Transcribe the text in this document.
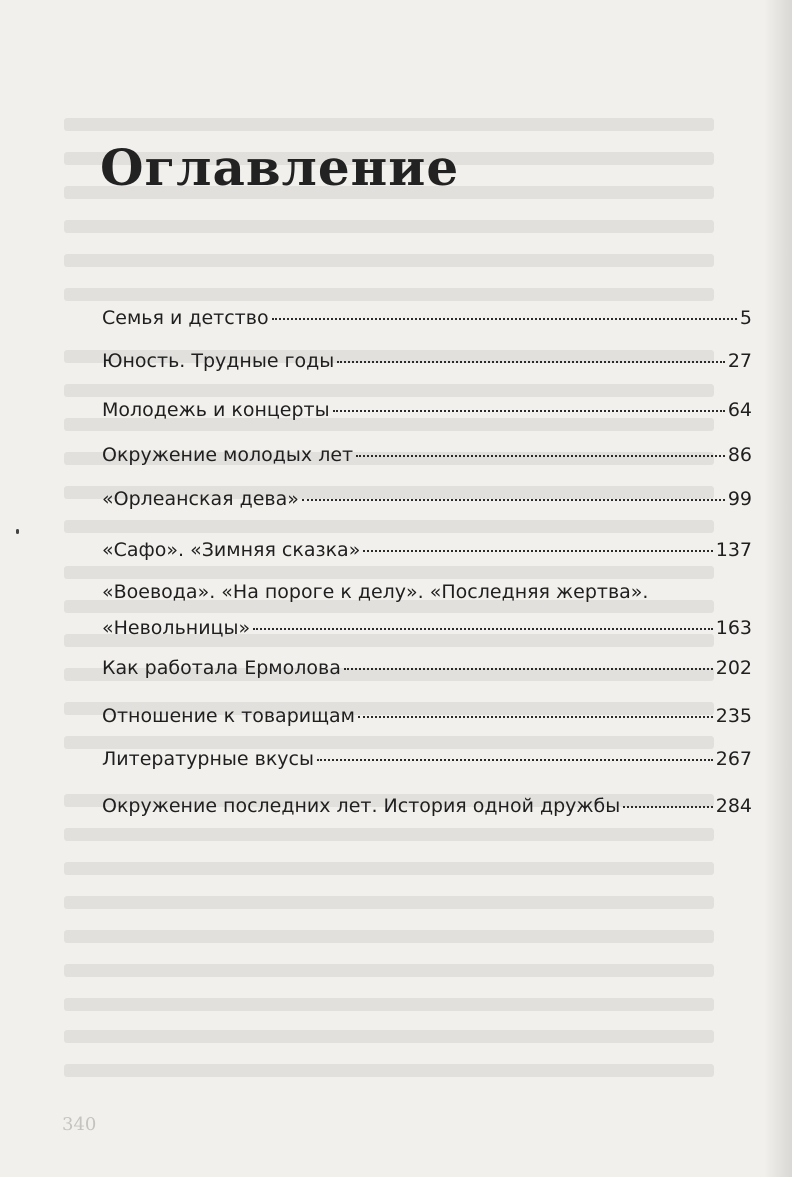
340
Оглавление
Семья и детство	5
Юность. Трудные годы	27
Молодежь и концерты	64
Окружение молодых лет	86
«Орлеанская дева»	99
«Сафо». «Зимняя сказка»	137
«Воевода». «На пороге к делу». «Последняя жертва».
«Невольницы»	163
Как работала Ермолова	202
Отношение к товарищам	235
Литературные вкусы	267
Окружение последних лет. История одной дружбы	284
